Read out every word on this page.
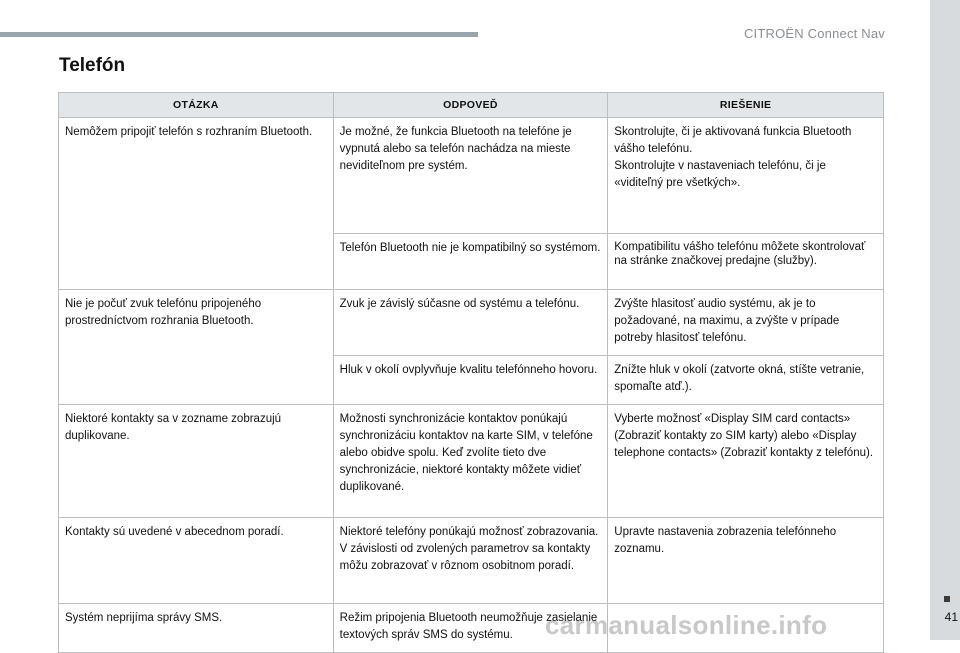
CITROËN Connect Nav
41
carmanualsonline.info
Telefón
OTÁZKA	ODPOVEĎ	RIEŠENIE
Nemôžem pripojiť telefón s rozhraním Bluetooth.	Je možné, že funkcia Bluetooth na telefóne je vypnutá alebo sa telefón nachádza na mieste neviditeľnom pre systém.	Skontrolujte, či je aktivovaná funkcia Bluetooth vášho telefónu.
Skontrolujte v nastaveniach telefónu, či je «viditeľný pre všetkých».
	Telefón Bluetooth nie je kompatibilný so systémom.	Kompatibilitu vášho telefónu môžete skontrolovať na stránke značkovej predajne (služby).
Nie je počuť zvuk telefónu pripojeného prostredníctvom rozhrania Bluetooth.	Zvuk je závislý súčasne od systému a telefónu.	Zvýšte hlasitosť audio systému, ak je to požadované, na maximu, a zvýšte v prípade potreby hlasitosť telefónu.
	Hluk v okolí ovplyvňuje kvalitu telefónneho hovoru.	Znížte hluk v okolí (zatvorte okná, stíšte vetranie, spomaľte atď.).
Niektoré kontakty sa v zozname zobrazujú duplikovane.	Možnosti synchronizácie kontaktov ponúkajú synchronizáciu kontaktov na karte SIM, v telefóne alebo obidve spolu. Keď zvolíte tieto dve synchronizácie, niektoré kontakty môžete vidieť duplikované.	Vyberte možnosť «Display SIM card contacts» (Zobraziť kontakty zo SIM karty) alebo «Display telephone contacts» (Zobraziť kontakty z telefónu).
Kontakty sú uvedené v abecednom poradí.	Niektoré telefóny ponúkajú možnosť zobrazovania. V závislosti od zvolených parametrov sa kontakty môžu zobrazovať v rôznom osobitnom poradí.	Upravte nastavenia zobrazenia telefónneho zoznamu.
Systém neprijíma správy SMS.	Režim pripojenia Bluetooth neumožňuje zasielanie textových správ SMS do systému.	
